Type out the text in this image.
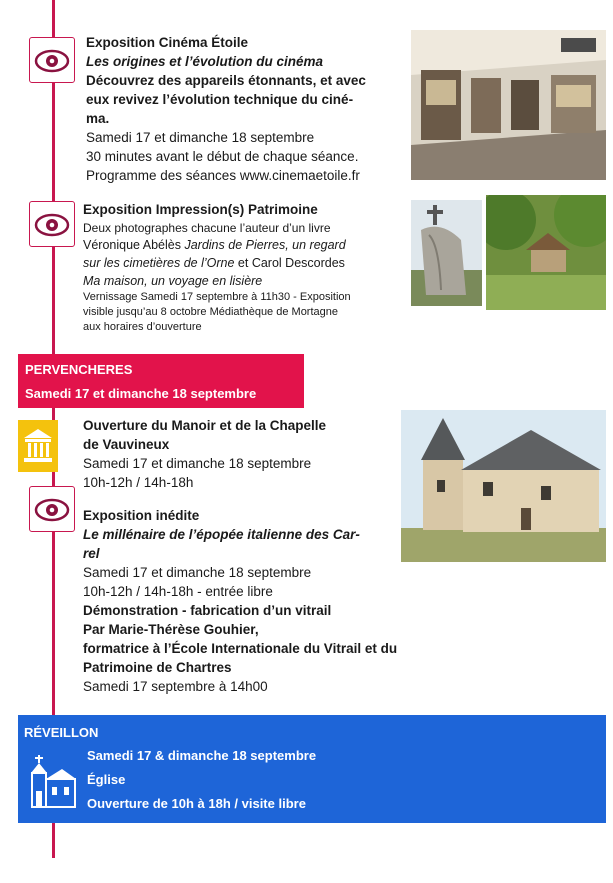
Exposition Cinéma Étoile
Les origines et l’évolution du cinéma
Découvrez des appareils étonnants, et avec
eux revivez l’évolution technique du ciné-
ma.
Samedi 17 et dimanche 18 septembre
30 minutes avant le début de chaque séance.
Programme des séances www.cinemaetoile.fr
Exposition Impression(s) Patrimoine
Deux photographes chacune l’auteur d’un livre
Véronique Abélès Jardins de Pierres, un regard
sur les cimetières de l’Orne et Carol Descordes
Ma maison, un voyage en lisière
Vernissage Samedi 17 septembre à 11h30 - Exposition
visible jusqu’au 8 octobre Médiathèque de Mortagne
aux horaires d’ouverture
PERVENCHERES
Samedi 17 et dimanche 18 septembre
Ouverture du Manoir et de la Chapelle
de Vauvineux
Samedi 17 et dimanche 18 septembre
10h-12h / 14h-18h
Exposition inédite
Le millénaire de l’épopée italienne des Car-
rel
Samedi 17 et dimanche 18 septembre
10h-12h / 14h-18h - entrée libre
Démonstration - fabrication d’un vitrail
Par Marie-Thérèse Gouhier,
formatrice à l’École Internationale du Vitrail et du
Patrimoine de Chartres
Samedi 17 septembre à 14h00
RÉVEILLON
Samedi 17 & dimanche 18 septembre
Église
Ouverture de 10h à 18h / visite libre
